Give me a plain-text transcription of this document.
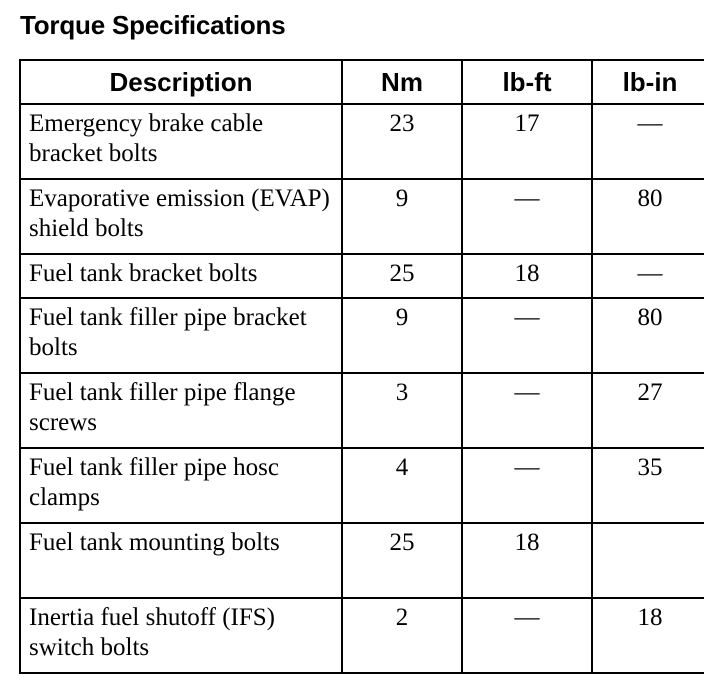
Torque Specifications
Description	Nm	lb-ft	lb-in
Emergency brake cable bracket bolts	23	17	—
Evaporative emission (EVAP) shield bolts	9	—	80
Fuel tank bracket bolts	25	18	—
Fuel tank filler pipe bracket bolts	9	—	80
Fuel tank filler pipe flange screws	3	—	27
Fuel tank filler pipe hosc clamps	4	—	35
Fuel tank mounting bolts	25	18	
Inertia fuel shutoff (IFS) switch bolts	2	—	18
